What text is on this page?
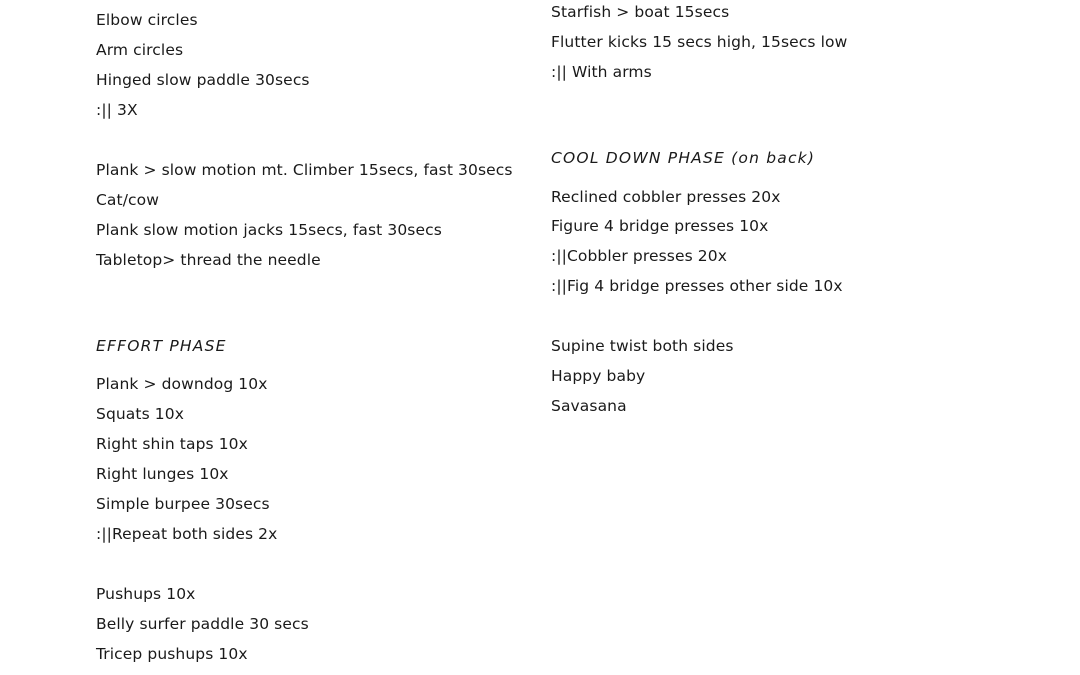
Elbow circles
Arm circles
Hinged slow paddle 30secs
:|| 3X
Plank > slow motion mt. Climber 15secs, fast 30secs
Cat/cow
Plank slow motion jacks 15secs, fast 30secs
Tabletop> thread the needle
EFFORT PHASE
Plank > downdog 10x
Squats 10x
Right shin taps 10x
Right lunges 10x
Simple burpee 30secs
:||Repeat both sides 2x
Pushups 10x
Belly surfer paddle 30 secs
Tricep pushups 10x
Starfish > boat 15secs
Flutter kicks 15 secs high, 15secs low
:|| With arms
COOL DOWN PHASE (on back)
Reclined cobbler presses 20x
Figure 4 bridge presses 10x
:||Cobbler presses 20x
:||Fig 4 bridge presses other side 10x
Supine twist both sides
Happy baby
Savasana
